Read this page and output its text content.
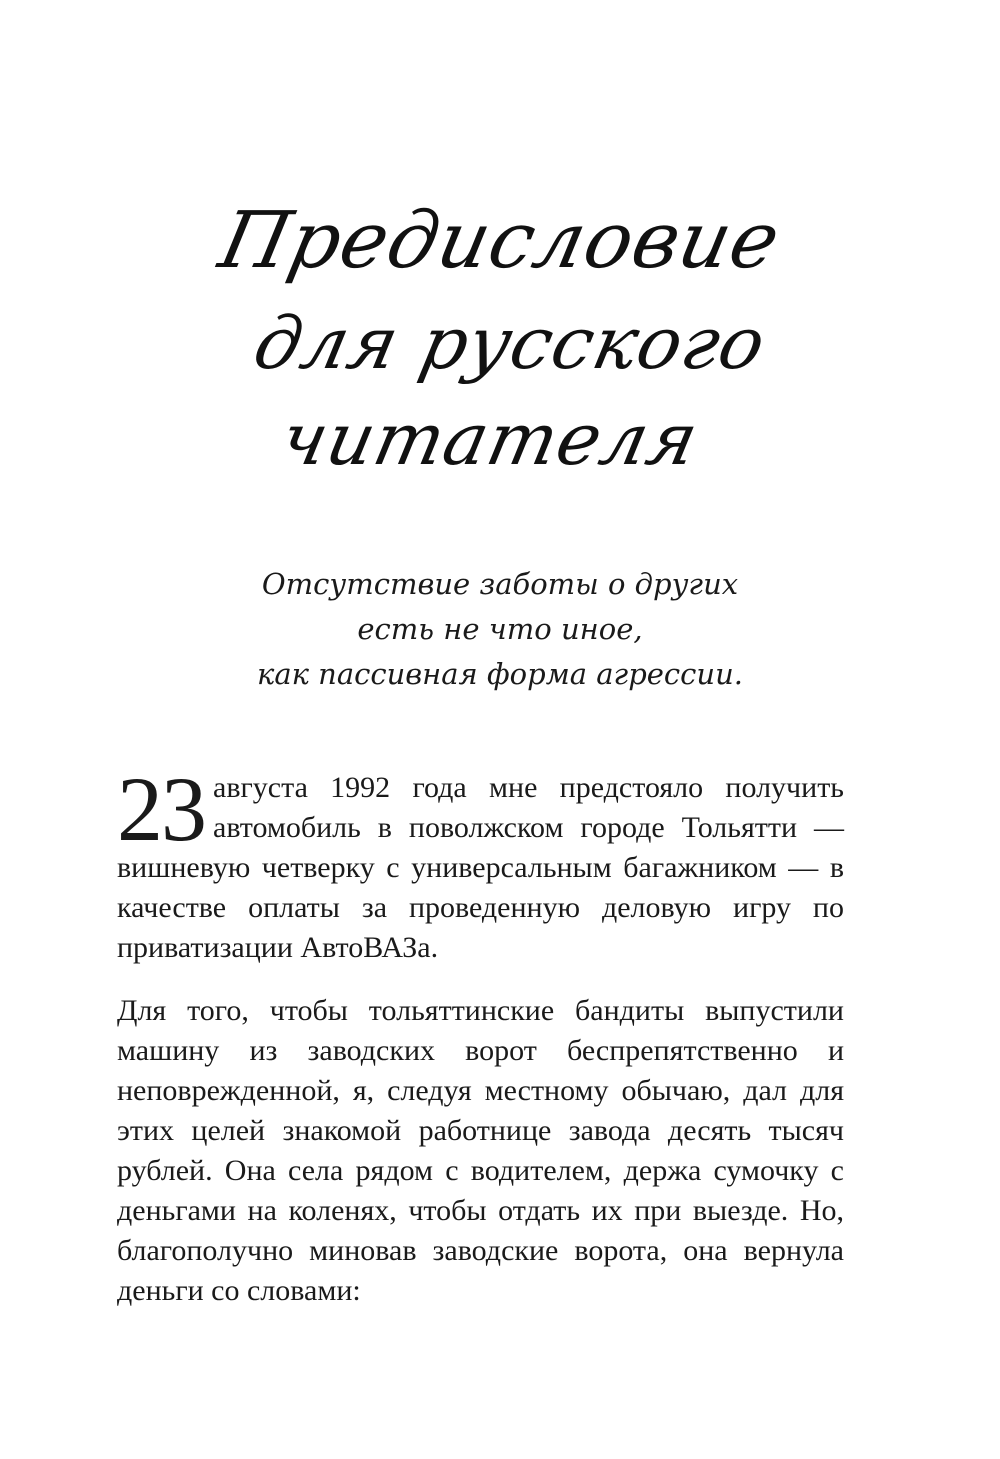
Предисловие
для русского читателя
Отсутствие заботы о других
есть не что иное,
как пассивная форма агрессии.

23 августа 1992 года мне предстояло получить автомобиль в поволжском городе Тольятти — вишневую четверку с универсальным багажником — в качестве оплаты за проведенную деловую игру по приватизации АвтоВАЗа.

Для того, чтобы тольяттинские бандиты выпустили машину из заводских ворот беспрепятственно и неповрежденной, я, следуя местному обычаю, дал для этих целей знакомой работнице завода десять тысяч рублей. Она села рядом с водителем, держа сумочку с деньгами на коленях, чтобы отдать их при выезде. Но, благополучно миновав заводские ворота, она вернула деньги со словами:
